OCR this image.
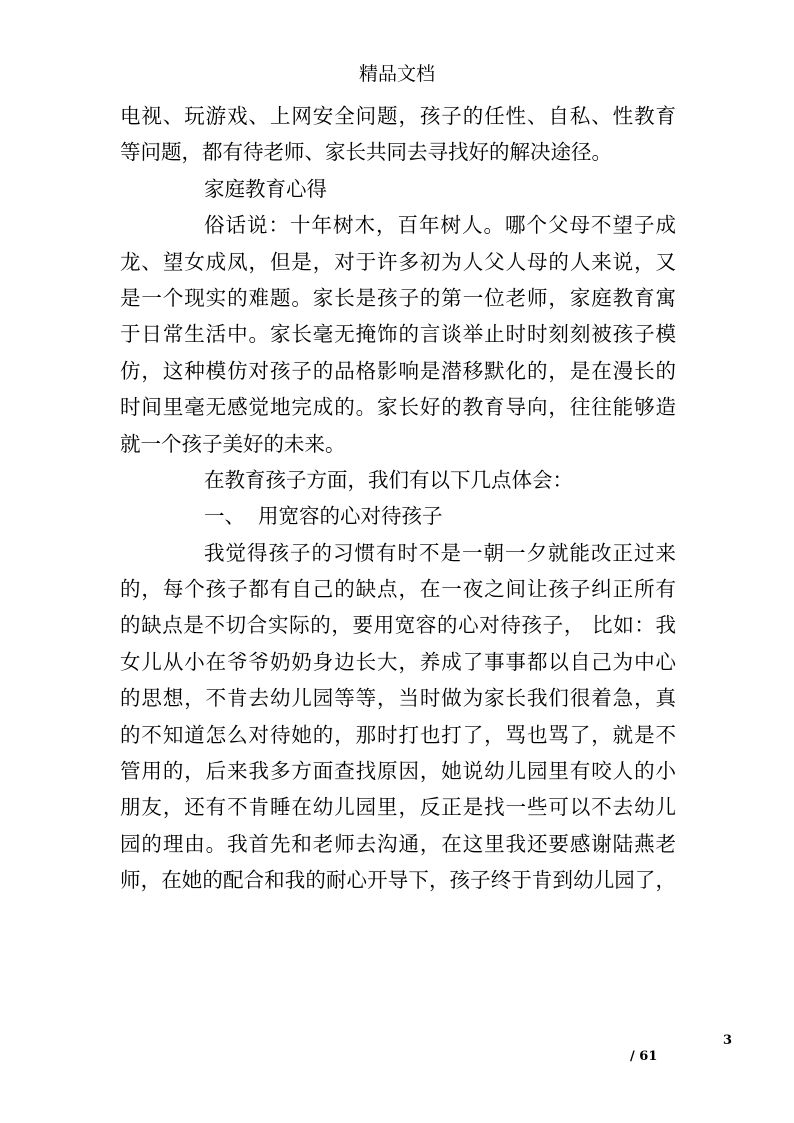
精品文档
电视、玩游戏、上网安全问题，孩子的任性、自私、性教育
等问题，都有待老师、家长共同去寻找好的解决途径。
家庭教育心得
俗话说：十年树木，百年树人。哪个父母不望子成
龙、望女成凤，但是，对于许多初为人父人母的人来说，又
是一个现实的难题。家长是孩子的第一位老师，家庭教育寓
于日常生活中。家长毫无掩饰的言谈举止时时刻刻被孩子模
仿，这种模仿对孩子的品格影响是潜移默化的，是在漫长的
时间里毫无感觉地完成的。家长好的教育导向，往往能够造
就一个孩子美好的未来。
在教育孩子方面，我们有以下几点体会：
一、  用宽容的心对待孩子
我觉得孩子的习惯有时不是一朝一夕就能改正过来
的，每个孩子都有自己的缺点，在一夜之间让孩子纠正所有
的缺点是不切合实际的，要用宽容的心对待孩子， 比如：我
女儿从小在爷爷奶奶身边长大，养成了事事都以自己为中心
的思想，不肯去幼儿园等等，当时做为家长我们很着急，真
的不知道怎么对待她的，那时打也打了，骂也骂了，就是不
管用的，后来我多方面查找原因，她说幼儿园里有咬人的小
朋友，还有不肯睡在幼儿园里，反正是找一些可以不去幼儿
园的理由。我首先和老师去沟通，在这里我还要感谢陆燕老
师，在她的配合和我的耐心开导下，孩子终于肯到幼儿园了，
3
/ 61
